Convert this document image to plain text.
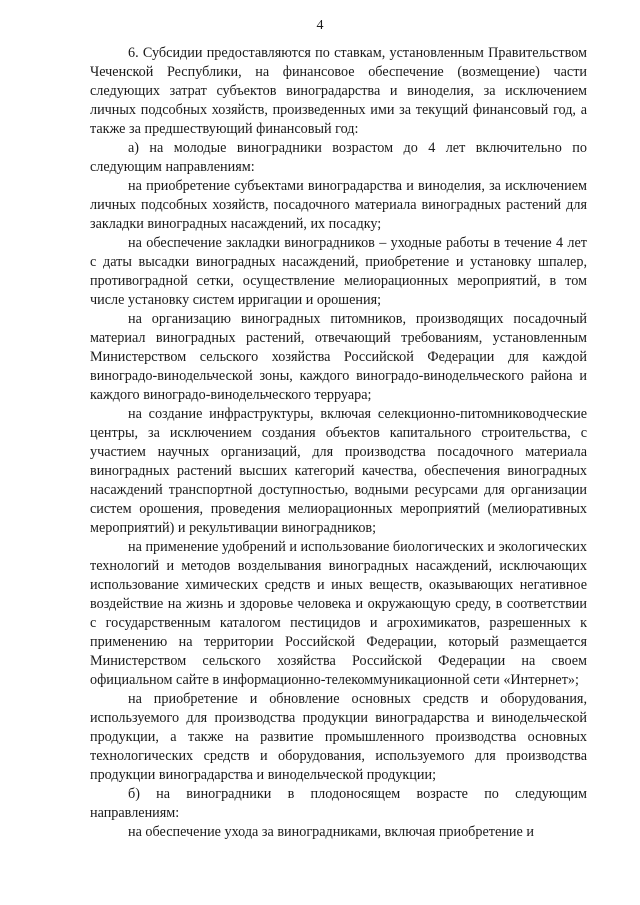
4

6. Субсидии предоставляются по ставкам, установленным Правительством Чеченской Республики, на финансовое обеспечение (возмещение) части следующих затрат субъектов виноградарства и виноделия, за исключением личных подсобных хозяйств, произведенных ими за текущий финансовый год, а также за предшествующий финансовый год:

а) на молодые виноградники возрастом до 4 лет включительно по следующим направлениям:

на приобретение субъектами виноградарства и виноделия, за исключением личных подсобных хозяйств, посадочного материала виноградных растений для закладки виноградных насаждений, их посадку;

на обеспечение закладки виноградников – уходные работы в течение 4 лет с даты высадки виноградных насаждений, приобретение и установку шпалер, противоградной сетки, осуществление мелиорационных мероприятий, в том числе установку систем ирригации и орошения;

на организацию виноградных питомников, производящих посадочный материал виноградных растений, отвечающий требованиям, установленным Министерством сельского хозяйства Российской Федерации для каждой виноградо-винодельческой зоны, каждого виноградо-винодельческого района и каждого виноградо-винодельческого терруара;

на создание инфраструктуры, включая селекционно-питомниководческие центры, за исключением создания объектов капитального строительства, с участием научных организаций, для производства посадочного материала виноградных растений высших категорий качества, обеспечения виноградных насаждений транспортной доступностью, водными ресурсами для организации систем орошения, проведения мелиорационных мероприятий (мелиоративных мероприятий) и рекультивации виноградников;

на применение удобрений и использование биологических и экологических технологий и методов возделывания виноградных насаждений, исключающих использование химических средств и иных веществ, оказывающих негативное воздействие на жизнь и здоровье человека и окружающую среду, в соответствии с государственным каталогом пестицидов и агрохимикатов, разрешенных к применению на территории Российской Федерации, который размещается Министерством сельского хозяйства Российской Федерации на своем официальном сайте в информационно-телекоммуникационной сети «Интернет»;

на приобретение и обновление основных средств и оборудования, используемого для производства продукции виноградарства и винодельческой продукции, а также на развитие промышленного производства основных технологических средств и оборудования, используемого для производства продукции виноградарства и винодельческой продукции;

б) на виноградники в плодоносящем возрасте по следующим направлениям:

на обеспечение ухода за виноградниками, включая приобретение и
